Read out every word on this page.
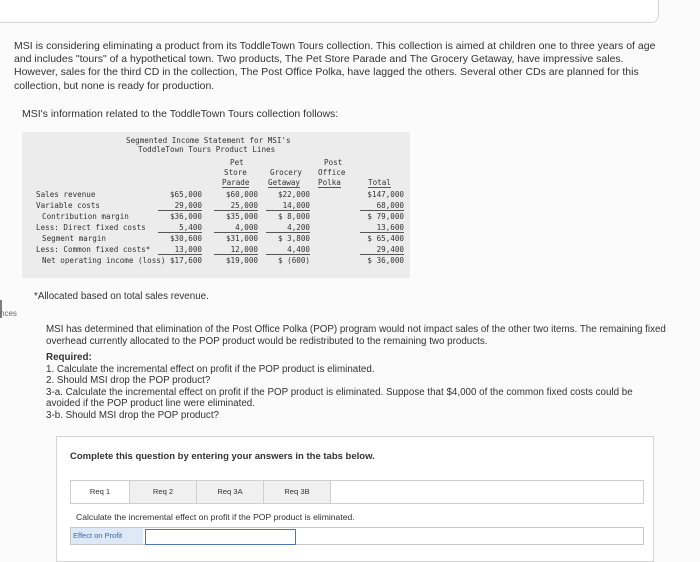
MSI is considering eliminating a product from its ToddleTown Tours collection. This collection is aimed at children one to three years of age and includes "tours" of a hypothetical town. Two products, The Pet Store Parade and The Grocery Getaway, have impressive sales. However, sales for the third CD in the collection, The Post Office Polka, have lagged the others. Several other CDs are planned for this collection, but none is ready for production.
MSI's information related to the ToddleTown Tours collection follows:
Segmented Income Statement for MSI's
ToddleTown Tours Product Lines
Pet
Store
Parade
Grocery
Getaway
Post
Office
Polka	Total
Sales revenue	$65,000	$60,000	$22,000	$147,000
Variable costs	29,000	25,000	14,000	68,000
Contribution margin	$36,000	$35,000	$ 8,000	$ 79,000
Less: Direct fixed costs	5,400	4,000	4,200	13,600
Segment margin	$30,600	$31,000	$ 3,800	$ 65,400
Less: Common fixed costs*	13,000	12,000	4,400	29,400
Net operating income (loss) $17,600	$19,000	$ (600)	$ 36,000
*Allocated based on total sales revenue.
nces
MSI has determined that elimination of the Post Office Polka (POP) program would not impact sales of the other two items. The remaining fixed overhead currently allocated to the POP product would be redistributed to the remaining two products.
Required:
1. Calculate the incremental effect on profit if the POP product is eliminated.
2. Should MSI drop the POP product?
3-a. Calculate the incremental effect on profit if the POP product is eliminated. Suppose that $4,000 of the common fixed costs could be avoided if the POP product line were eliminated.
3-b. Should MSI drop the POP product?
Complete this question by entering your answers in the tabs below.
Req 1	Req 2	Req 3A	Req 3B
Calculate the incremental effect on profit if the POP product is eliminated.
Effect on Profit
